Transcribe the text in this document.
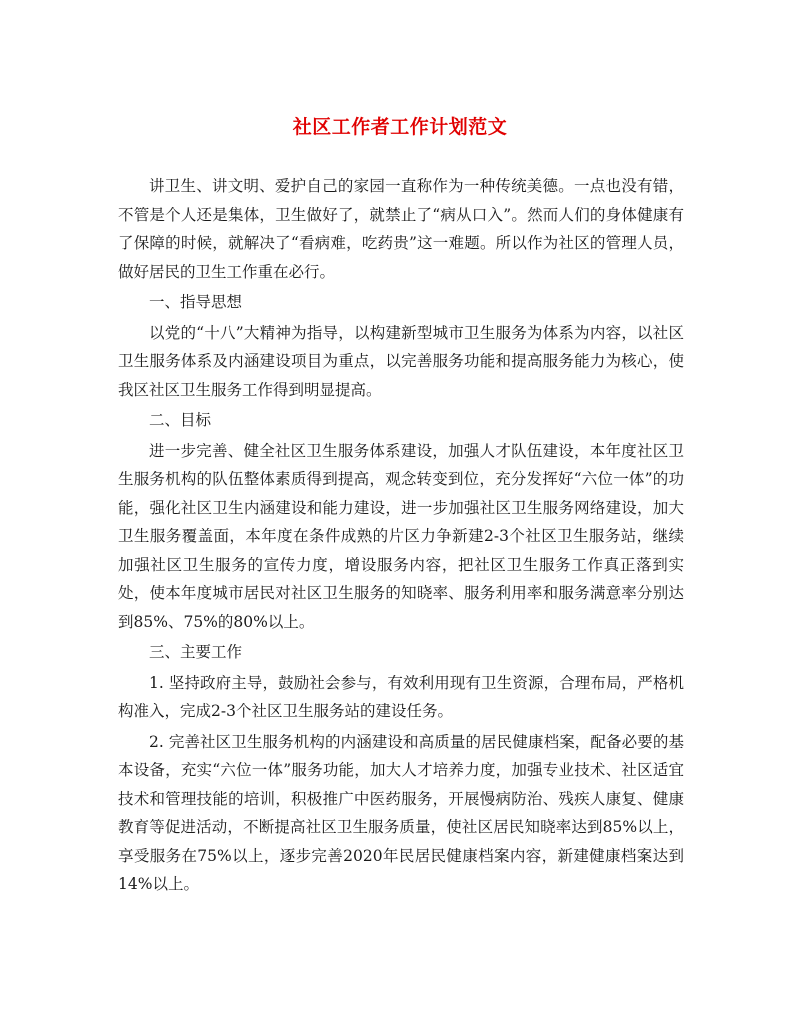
社区工作者工作计划范文

讲卫生、讲文明、爱护自己的家园一直称作为一种传统美德。一点也没有错，不管是个人还是集体，卫生做好了，就禁止了“病从口入”。然而人们的身体健康有了保障的时候，就解决了“看病难，吃药贵”这一难题。所以作为社区的管理人员，做好居民的卫生工作重在必行。

一、指导思想

以党的“十八”大精神为指导，以构建新型城市卫生服务为体系为内容，以社区卫生服务体系及内涵建设项目为重点，以完善服务功能和提高服务能力为核心，使我区社区卫生服务工作得到明显提高。

二、目标

进一步完善、健全社区卫生服务体系建设，加强人才队伍建设，本年度社区卫生服务机构的队伍整体素质得到提高，观念转变到位，充分发挥好“六位一体”的功能，强化社区卫生内涵建设和能力建设，进一步加强社区卫生服务网络建设，加大卫生服务覆盖面，本年度在条件成熟的片区力争新建2-3个社区卫生服务站，继续加强社区卫生服务的宣传力度，增设服务内容，把社区卫生服务工作真正落到实处，使本年度城市居民对社区卫生服务的知晓率、服务利用率和服务满意率分别达到85%、75%的80%以上。

三、主要工作

1. 坚持政府主导，鼓励社会参与，有效利用现有卫生资源，合理布局，严格机构准入，完成2-3个社区卫生服务站的建设任务。

2. 完善社区卫生服务机构的内涵建设和高质量的居民健康档案，配备必要的基本设备，充实“六位一体”服务功能，加大人才培养力度，加强专业技术、社区适宜技术和管理技能的培训，积极推广中医药服务，开展慢病防治、残疾人康复、健康教育等促进活动，不断提高社区卫生服务质量，使社区居民知晓率达到85%以上，享受服务在75%以上，逐步完善2020年民居民健康档案内容，新建健康档案达到14%以上。
